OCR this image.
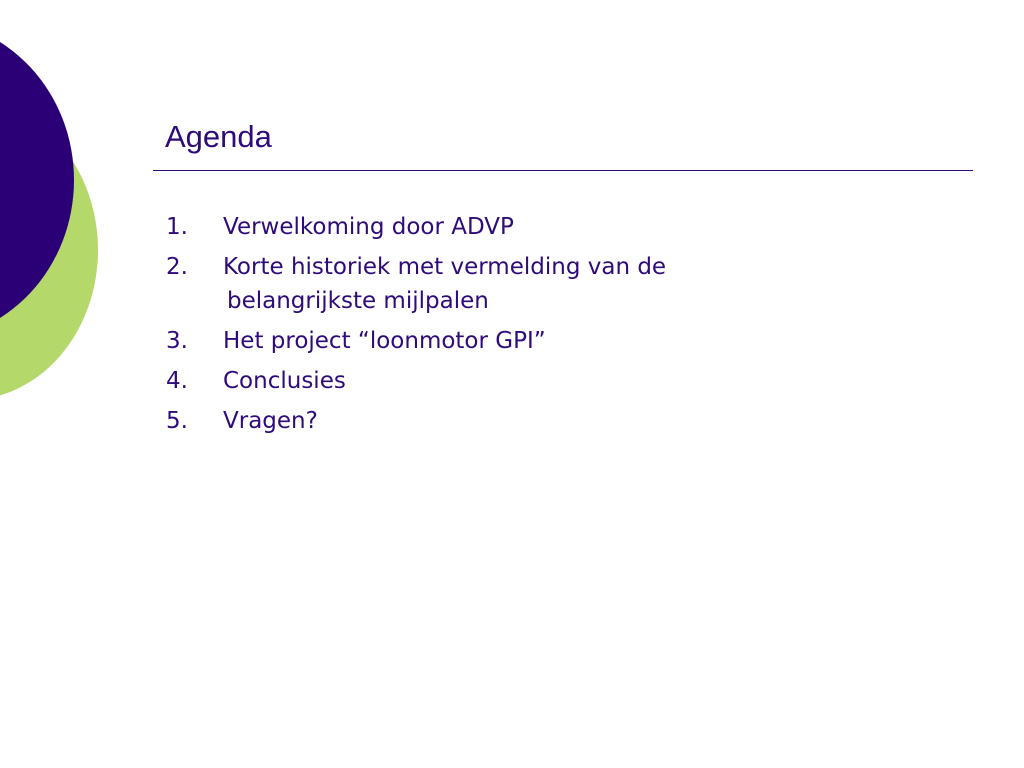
Agenda
1. Verwelkoming door ADVP
2. Korte historiek met vermelding van de
belangrijkste mijlpalen
3. Het project “loonmotor GPI”
4. Conclusies
5. Vragen?
